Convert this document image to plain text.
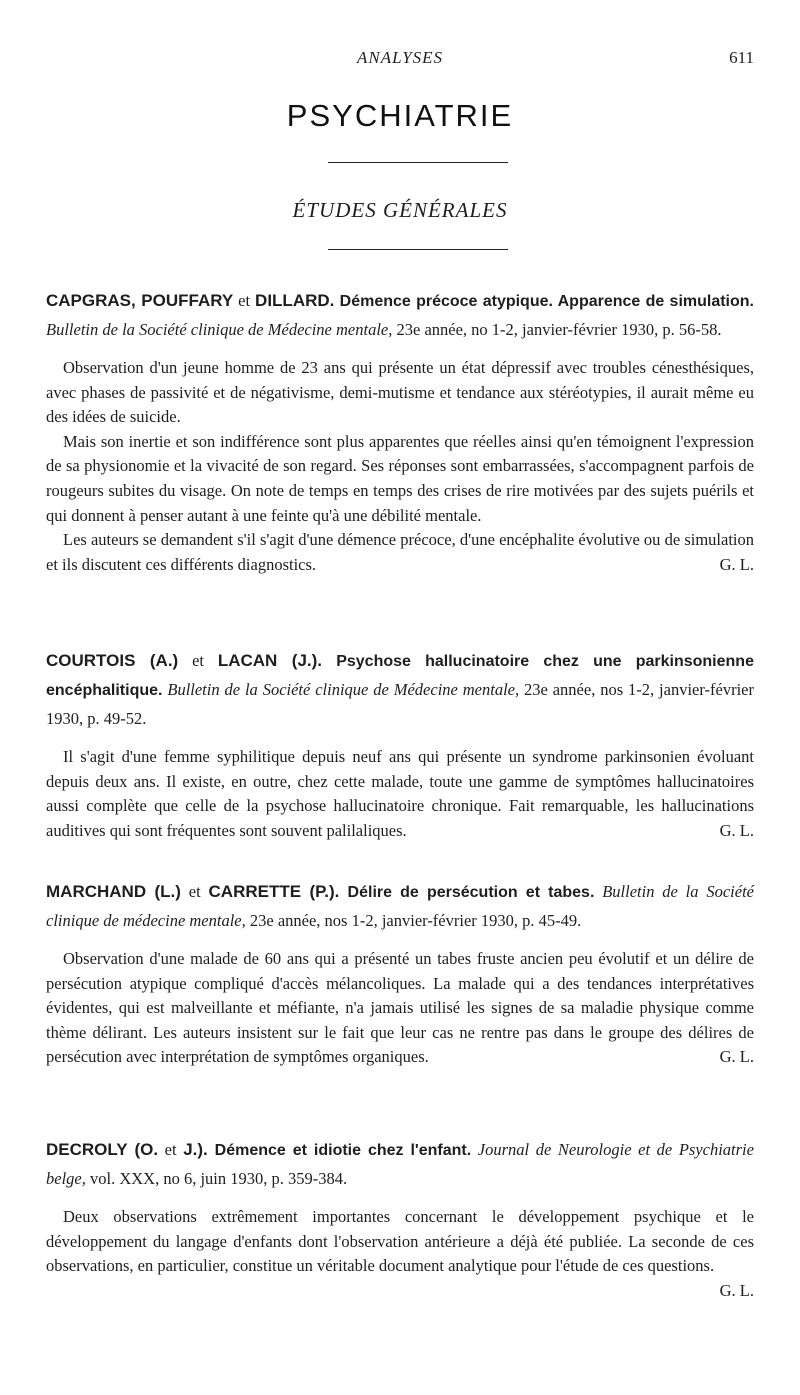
ANALYSES	611
PSYCHIATRIE
ÉTUDES GÉNÉRALES

CAPGRAS, POUFFARY et DILLARD. Démence précoce atypique. Apparence de simulation. Bulletin de la Société clinique de Médecine mentale, 23e année, no 1-2, janvier-février 1930, p. 56-58.

Observation d'un jeune homme de 23 ans qui présente un état dépressif avec troubles cénesthésiques, avec phases de passivité et de négativisme, demi-mutisme et tendance aux stéréotypies, il aurait même eu des idées de suicide.

Mais son inertie et son indifférence sont plus apparentes que réelles ainsi qu'en témoignent l'expression de sa physionomie et la vivacité de son regard. Ses réponses sont embarrassées, s'accompagnent parfois de rougeurs subites du visage. On note de temps en temps des crises de rire motivées par des sujets puérils et qui donnent à penser autant à une feinte qu'à une débilité mentale.

Les auteurs se demandent s'il s'agit d'une démence précoce, d'une encéphalite évolutive ou de simulation et ils discutent ces différents diagnostics.	G. L.

COURTOIS (A.) et LACAN (J.). Psychose hallucinatoire chez une parkinsonienne encéphalitique. Bulletin de la Société clinique de Médecine mentale, 23e année, nos 1-2, janvier-février 1930, p. 49-52.

Il s'agit d'une femme syphilitique depuis neuf ans qui présente un syndrome parkinsonien évoluant depuis deux ans. Il existe, en outre, chez cette malade, toute une gamme de symptômes hallucinatoires aussi complète que celle de la psychose hallucinatoire chronique. Fait remarquable, les hallucinations auditives qui sont fréquentes sont souvent palilaliques.	G. L.

MARCHAND (L.) et CARRETTE (P.). Délire de persécution et tabes. Bulletin de la Société clinique de médecine mentale, 23e année, nos 1-2, janvier-février 1930, p. 45-49.

Observation d'une malade de 60 ans qui a présenté un tabes fruste ancien peu évolutif et un délire de persécution atypique compliqué d'accès mélancoliques. La malade qui a des tendances interprétatives évidentes, qui est malveillante et méfiante, n'a jamais utilisé les signes de sa maladie physique comme thème délirant. Les auteurs insistent sur le fait que leur cas ne rentre pas dans le groupe des délires de persécution avec interprétation de symptômes organiques.	G. L.

DECROLY (O. et J.). Démence et idiotie chez l'enfant. Journal de Neurologie et de Psychiatrie belge, vol. XXX, no 6, juin 1930, p. 359-384.

Deux observations extrêmement importantes concernant le développement psychique et le développement du langage d'enfants dont l'observation antérieure a déjà été publiée. La seconde de ces observations, en particulier, constitue un véritable document analytique pour l'étude de ces questions.
G. L.
